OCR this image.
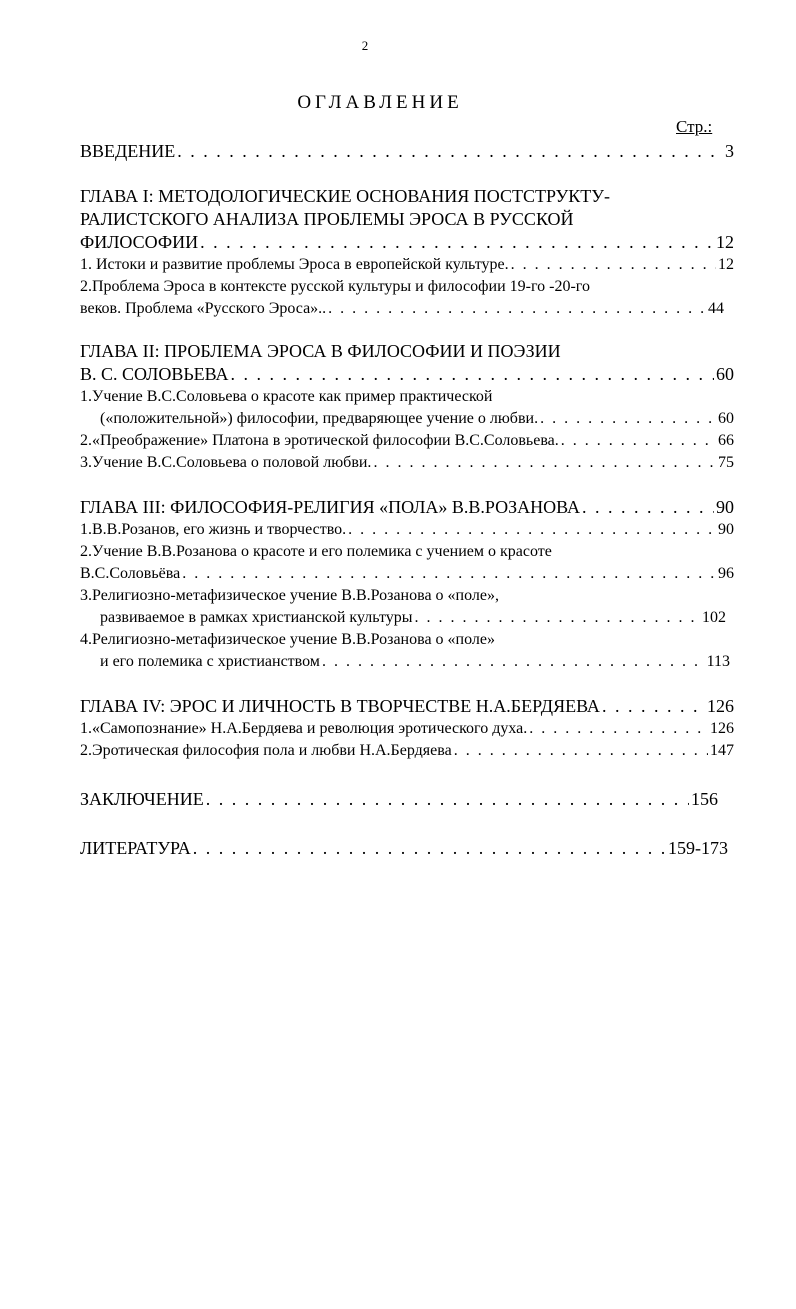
2
ОГЛАВЛЕНИЕ
Стр.:
ВВЕДЕНИЕ . . .	3
ГЛАВА I: МЕТОДОЛОГИЧЕСКИЕ ОСНОВАНИЯ ПОСТСТРУКТУ-
РАЛИСТСКОГО АНАЛИЗА ПРОБЛЕМЫ ЭРОСА В РУССКОЙ
ФИЛОСОФИИ . . .	12
1. Истоки и развитие проблемы Эроса в европейской культуре. . . .	12
2.Проблема Эроса в контексте русской культуры и философии 19-го -20-го
веков. Проблема «Русского Эроса».. . . .	44
ГЛАВА II: ПРОБЛЕМА ЭРОСА В ФИЛОСОФИИ И ПОЭЗИИ
В. С. СОЛОВЬЕВА . . .	60
1.Учение В.С.Соловьева о красоте как пример практической
(«положительной») философии, предваряющее учение о любви. . . .	60
2.«Преображение» Платона в эротической философии В.С.Соловьева. . . .	66
3.Учение В.С.Соловьева о половой любви. . . .	75
ГЛАВА III: ФИЛОСОФИЯ-РЕЛИГИЯ «ПОЛА» В.В.РОЗАНОВА . . .	90
1.В.В.Розанов, его жизнь и творчество. . . .	90
2.Учение В.В.Розанова о красоте и его полемика с учением о красоте
В.С.Соловьёва . . .	96
3.Религиозно-метафизическое учение В.В.Розанова о «поле»,
развиваемое в рамках христианской культуры . . .	102
4.Религиозно-метафизическое учение В.В.Розанова о «поле»
и его полемика с христианством . . .	113
ГЛАВА IV: ЭРОС И ЛИЧНОСТЬ В ТВОРЧЕСТВЕ Н.А.БЕРДЯЕВА . . .	126
1.«Самопознание» Н.А.Бердяева и революция эротического духа. . . .	126
2.Эротическая философия пола и любви Н.А.Бердяева . . .	147
ЗАКЛЮЧЕНИЕ . . .	156
ЛИТЕРАТУРА . . .	159-173
